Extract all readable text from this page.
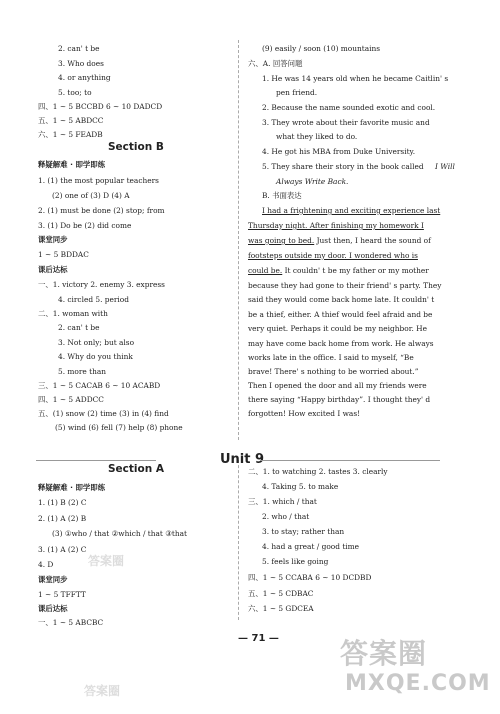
2. can' t be
3. Who does
4. or anything
5. too; to
四、1 ~ 5 BCCBD 6 ~ 10 DADCD
五、1 ~ 5 ABDCC
六、1 ~ 5 FEADB
Section B
释疑解难 · 即学即练
1. (1) the most popular teachers
(2) one of (3) D (4) A
2. (1) must be done (2) stop; from
3. (1) Do be (2) did come
课堂同步
1 ~ 5 BDDAC
课后达标
一、1. victory 2. enemy 3. express
4. circled 5. period
二、1. woman with
2. can' t be
3. Not only; but also
4. Why do you think
5. more than
三、1 ~ 5 CACAB 6 ~ 10 ACABD
四、1 ~ 5 ADDCC
五、(1) snow (2) time (3) in (4) find
(5) wind (6) fell (7) help (8) phone
(9) easily / soon (10) mountains
六、A. 回答问题
1. He was 14 years old when he became Caitlin' s
pen friend.
2. Because the name sounded exotic and cool.
3. They wrote about their favorite music and
what they liked to do.
4. He got his MBA from Duke University.
5. They share their story in the book called
Always Write Back.
B. 书面表达
I Will
I had a frightening and exciting experience last
Thursday night. After finishing my homework I
was going to bed. Just then, I heard the sound of
footsteps outside my door. I wondered who is
could be. It couldn' t be my father or my mother
because they had gone to their friend' s party. They
said they would come back home late. It couldn' t
be a thief, either. A thief would feel afraid and be
very quiet. Perhaps it could be my neighbor. He
may have come back home from work. He always
works late in the office. I said to myself, “Be
brave! There' s nothing to be worried about.”
Then I opened the door and all my friends were
there saying “Happy birthday”. I thought they' d
forgotten! How excited I was!
Unit 9
Section A
释疑解难 · 即学即练
1. (1) B (2) C
2. (1) A (2) B
(3) ①who / that ②which / that ③that
3. (1) A (2) C
4. D
课堂同步
1 ~ 5 TFFTT
课后达标
一、1 ~ 5 ABCBC
二、1. to watching 2. tastes 3. clearly
4. Taking 5. to make
三、1. which / that
2. who / that
3. to stay; rather than
4. had a great / good time
5. feels like going
四、1 ~ 5 CCABA 6 ~ 10 DCDBD
五、1 ~ 5 CDBAC
六、1 ~ 5 GDCEA
— 71 —
答案圈
答案圈
MXQE.COM
答案圈
